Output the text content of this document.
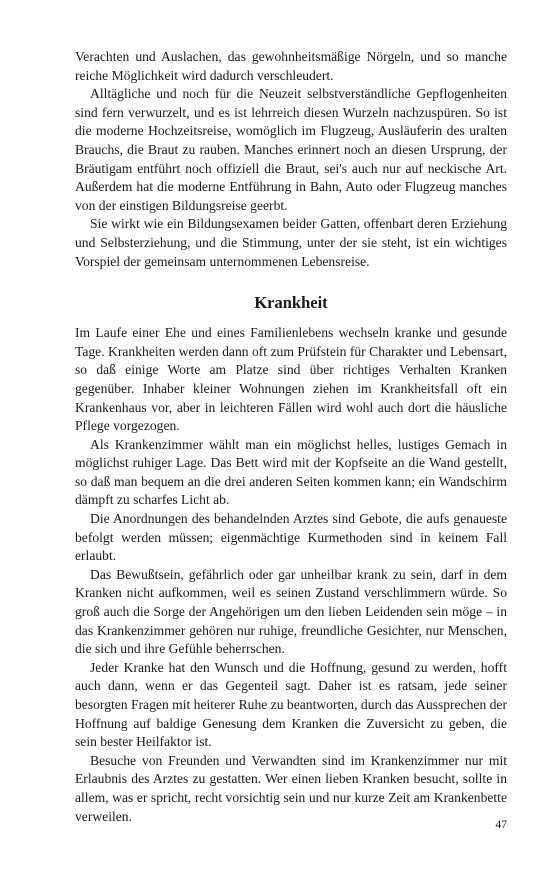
Verachten und Auslachen, das gewohnheitsmäßige Nörgeln, und so manche reiche Möglichkeit wird dadurch verschleudert.

Alltägliche und noch für die Neuzeit selbstverständliche Gepflogenheiten sind fern verwurzelt, und es ist lehrreich diesen Wurzeln nachzuspüren. So ist die moderne Hochzeitsreise, womöglich im Flugzeug, Ausläuferin des uralten Brauchs, die Braut zu rauben. Manches erinnert noch an diesen Ursprung, der Bräutigam entführt noch offiziell die Braut, sei's auch nur auf neckische Art. Außerdem hat die moderne Entführung in Bahn, Auto oder Flugzeug manches von der einstigen Bildungsreise geerbt.

Sie wirkt wie ein Bildungsexamen beider Gatten, offenbart deren Erziehung und Selbsterziehung, und die Stimmung, unter der sie steht, ist ein wichtiges Vorspiel der gemeinsam unternommenen Lebensreise.

Krankheit

Im Laufe einer Ehe und eines Familienlebens wechseln kranke und gesunde Tage. Krankheiten werden dann oft zum Prüfstein für Charakter und Lebensart, so daß einige Worte am Platze sind über richtiges Verhalten Kranken gegenüber. Inhaber kleiner Wohnungen ziehen im Krankheitsfall oft ein Krankenhaus vor, aber in leichteren Fällen wird wohl auch dort die häusliche Pflege vorgezogen.

Als Krankenzimmer wählt man ein möglichst helles, lustiges Gemach in möglichst ruhiger Lage. Das Bett wird mit der Kopfseite an die Wand gestellt, so daß man bequem an die drei anderen Seiten kommen kann; ein Wandschirm dämpft zu scharfes Licht ab.

Die Anordnungen des behandelnden Arztes sind Gebote, die aufs genaueste befolgt werden müssen; eigenmächtige Kurmethoden sind in keinem Fall erlaubt.

Das Bewußtsein, gefährlich oder gar unheilbar krank zu sein, darf in dem Kranken nicht aufkommen, weil es seinen Zustand verschlimmern würde. So groß auch die Sorge der Angehörigen um den lieben Leidenden sein möge – in das Krankenzimmer gehören nur ruhige, freundliche Gesichter, nur Menschen, die sich und ihre Gefühle beherrschen.

Jeder Kranke hat den Wunsch und die Hoffnung, gesund zu werden, hofft auch dann, wenn er das Gegenteil sagt. Daher ist es ratsam, jede seiner besorgten Fragen mit heiterer Ruhe zu beantworten, durch das Aussprechen der Hoffnung auf baldige Genesung dem Kranken die Zuversicht zu geben, die sein bester Heilfaktor ist.

Besuche von Freunden und Verwandten sind im Krankenzimmer nur mit Erlaubnis des Arztes zu gestatten. Wer einen lieben Kranken besucht, sollte in allem, was er spricht, recht vorsichtig sein und nur kurze Zeit am Krankenbette verweilen.

47
